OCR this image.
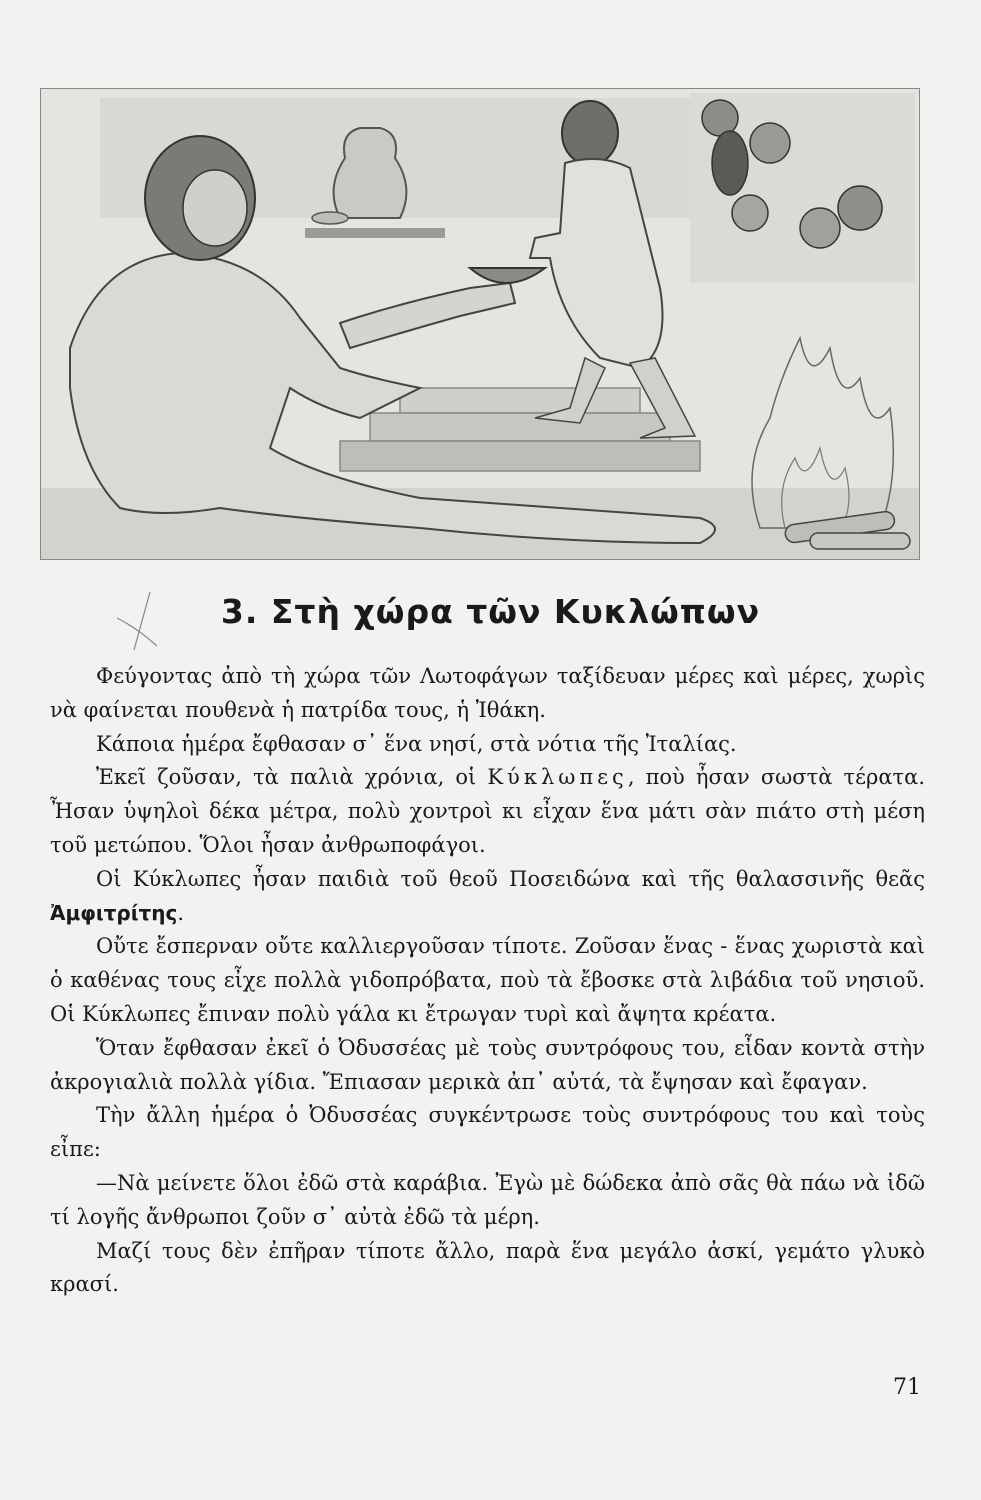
3. Στὴ χώρα τῶν Κυκλώπων

Φεύγοντας ἀπὸ τὴ χώρα τῶν Λωτοφάγων ταξίδευαν μέρες καὶ μέρες, χωρὶς νὰ φαίνεται πουθενὰ ἡ πατρίδα τους, ἡ Ἰθάκη.

Κάποια ἡμέρα ἔφθασαν σ᾽ ἕνα νησί, στὰ νότια τῆς Ἰταλίας.

Ἐκεῖ ζοῦσαν, τὰ παλιὰ χρόνια, οἱ Κύκλωπες, ποὺ ἦσαν σωστὰ τέρατα. Ἦσαν ὑψηλοὶ δέκα μέτρα, πολὺ χοντροὶ κι εἶχαν ἕνα μάτι σὰν πιάτο στὴ μέση τοῦ μετώπου. Ὅλοι ἦσαν ἀνθρωποφάγοι.

Οἱ Κύκλωπες ἦσαν παιδιὰ τοῦ θεοῦ Ποσειδώνα καὶ τῆς θαλασσινῆς θεᾶς Ἀμφιτρίτης.

Οὔτε ἔσπερναν οὔτε καλλιεργοῦσαν τίποτε. Ζοῦσαν ἕνας - ἕνας χωριστὰ καὶ ὁ καθένας τους εἶχε πολλὰ γιδοπρόβατα, ποὺ τὰ ἔβοσκε στὰ λιβάδια τοῦ νησιοῦ. Οἱ Κύκλωπες ἔπιναν πολὺ γάλα κι ἔτρωγαν τυρὶ καὶ ἄψητα κρέατα.

Ὅταν ἔφθασαν ἐκεῖ ὁ Ὀδυσσέας μὲ τοὺς συντρόφους του, εἶδαν κοντὰ στὴν ἀκρογιαλιὰ πολλὰ γίδια. Ἔπιασαν μερικὰ ἀπ᾽ αὐτά, τὰ ἔψησαν καὶ ἔφαγαν.

Τὴν ἄλλη ἡμέρα ὁ Ὀδυσσέας συγκέντρωσε τοὺς συντρόφους του καὶ τοὺς εἶπε:

—Νὰ μείνετε ὅλοι ἐδῶ στὰ καράβια. Ἐγὼ μὲ δώδεκα ἀπὸ σᾶς θὰ πάω νὰ ἰδῶ τί λογῆς ἄνθρωποι ζοῦν σ᾽ αὐτὰ ἐδῶ τὰ μέρη.

Μαζί τους δὲν ἐπῆραν τίποτε ἄλλο, παρὰ ἕνα μεγάλο ἀσκί, γεμάτο γλυκὸ κρασί.

71
